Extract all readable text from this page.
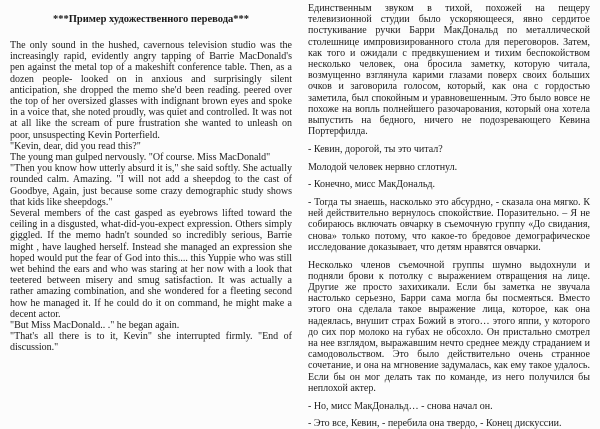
***Пример художественного перевода***

The only sound in the hushed, cavernous television studio was the increasingly rapid, evidently angry tapping of Barrie MacDonald's pen against the metal top of a makeshift conference table. Then, as a dozen people- looked on in anxious and surprisingly silent anticipation, she dropped the memo she'd been reading. peered over the top of her oversized glasses with indignant brown eyes and spoke in a voice that, she noted proudly, was quiet and controlled. It was not at all like the scream of pure frustration she wanted to unleash on poor, unsuspecting Kevin Porterfield.

"Kevin, dear, did you read this?"

The young man gulped nervously. "Of course. Miss MacDonald"

"Then you know how utterly absurd it is," she said softly. She actually rounded calm. Amazing. "I will not add a sheepdog to the cast of Goodbye, Again, just because some crazy demographic study shows that kids like sheepdogs."

Several members of the cast gasped as eyebrows lifted toward the ceiling in a disgusted, what-did-you-expect expression. Others simply giggled. If the memo hadn't sounded so incredibly serious, Barrie might , have laughed herself. Instead she managed an expression she hoped would put the fear of God into this.... this Yuppie who was still wet behind the ears and who was staring at her now with a look that teetered between misery and smug satisfaction. It was actually a rather amazing combination, and she wondered for a fleeting second how he managed it. If he could do it on command, he might make a decent actor.

"But Miss MacDonald.. ." he began again.

"That's all there is to it, Kevin" she interrupted firmly. "End of discussion."

Единственным звуком в тихой, похожей на пещеру телевизионной студии было ускоряющееся, явно сердитое постукивание ручки Барри МакДональд по металлической столешнице импровизированного стола для переговоров. Затем, как того и ожидали с предвкушением и тихим беспокойством несколько человек, она бросила заметку, которую читала, возмущенно взглянула карими глазами поверх своих больших очков и заговорила голосом, который, как она с гордостью заметила, был спокойным и уравновешенным. Это было вовсе не похоже на вопль полнейшего разочарования, который она хотела выпустить на бедного, ничего не подозревающего Кевина Портерфилда.

- Кевин, дорогой, ты это читал?

Молодой человек нервно сглотнул.

- Конечно, мисс МакДональд.

- Тогда ты знаешь, насколько это абсурдно, - сказала она мягко. К ней действительно вернулось спокойствие. Поразительно. – Я не собираюсь включать овчарку в съемочную группу «До свидания, снова» только потому, что какое-то бредовое демографическое исследование доказывает, что детям нравятся овчарки.

Несколько членов съемочной группы шумно выдохнули и подняли брови к потолку с выражением отвращения на лице. Другие же просто захихикали. Если бы заметка не звучала настолько серьезно, Барри сама могла бы посмеяться. Вместо этого она сделала такое выражение лица, которое, как она надеялась, внушит страх Божий в этого… этого яппи, у которого до сих пор молоко на губах не обсохло. Он пристально смотрел на нее взглядом, выражавшим нечто среднее между страданием и самодовольством. Это было действительно очень странное сочетание, и она на мгновение задумалась, как ему такое удалось. Если бы он мог делать так по команде, из него получился бы неплохой актер.

- Но, мисс МакДональд… - снова начал он.

- Это все, Кевин, - перебила она твердо, - Конец дискуссии.
